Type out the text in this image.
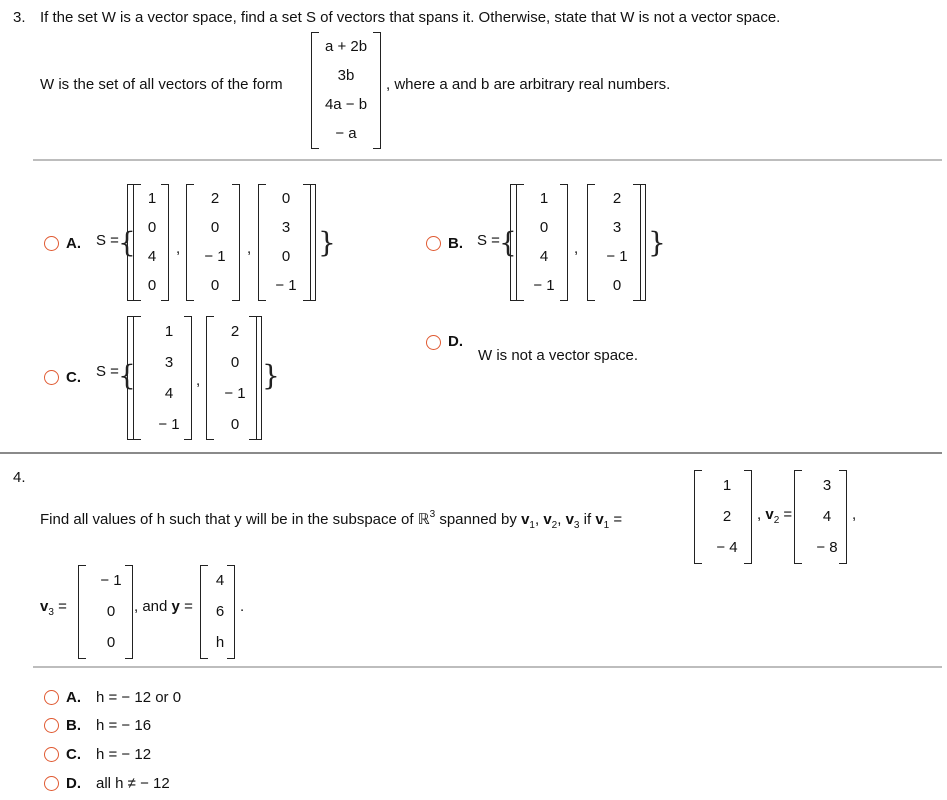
3. If the set W is a vector space, find a set S of vectors that spans it. Otherwise, state that W is not a vector space.
W is the set of all vectors of the form
a + 2b
3b
4a − b
− a
, where a and b are arbitrary real numbers.
A. S = {
1
0
4
0
,
2
0
− 1
0
,
0
3
0
− 1
}	B. S = {
1
0
4
− 1
,
2
3
− 1
0
}
C. S = {
1
3
4
− 1
,
2
0
− 1
0
}
D.
W is not a vector space.
4.
Find all values of h such that y will be in the subspace of ℝ$^3$ spanned by $v_1$, $v_2$, $v_3$ if $v_1$ =
1
2
− 4
, $v_2$ =
3
4
− 8
,
$v_3$ =
− 1
0
0
, and y =
4
6
h
.
A. h = − 12 or 0
B. h = − 16
C. h = − 12
D. all h ≠ − 12
